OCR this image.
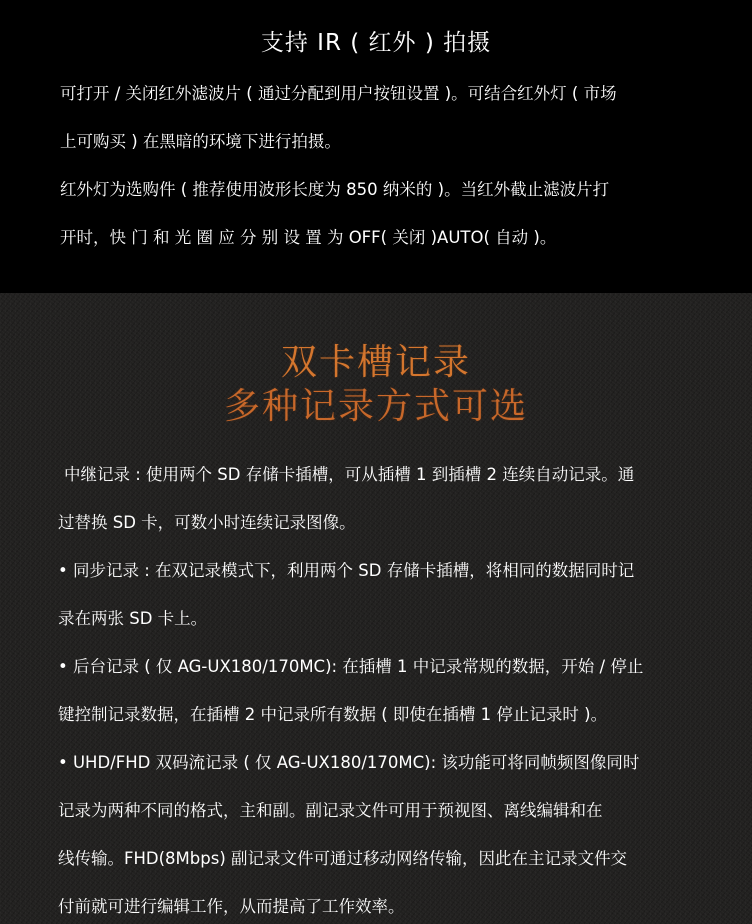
支持 IR ( 红外 ) 拍摄
可打开 / 关闭红外滤波片 ( 通过分配到用户按钮设置 )。可结合红外灯 ( 市场
上可购买 ) 在黑暗的环境下进行拍摄。
红外灯为选购件 ( 推荐使用波形长度为 850 纳米的 )。当红外截止滤波片打
开时，快 门 和 光 圈 应 分 别 设 置 为 OFF( 关闭 )AUTO( 自动 )。
双卡槽记录
多种记录方式可选
中继记录 : 使用两个 SD 存储卡插槽，可从插槽 1 到插槽 2 连续自动记录。通
过替换 SD 卡，可数小时连续记录图像。
• 同步记录 : 在双记录模式下，利用两个 SD 存储卡插槽，将相同的数据同时记
录在两张 SD 卡上。
• 后台记录 ( 仅 AG-UX180/170MC): 在插槽 1 中记录常规的数据，开始 / 停止
键控制记录数据，在插槽 2 中记录所有数据 ( 即使在插槽 1 停止记录时 )。
• UHD/FHD 双码流记录 ( 仅 AG-UX180/170MC): 该功能可将同帧频图像同时
记录为两种不同的格式，主和副。副记录文件可用于预视图、离线编辑和在
线传输。FHD(8Mbps) 副记录文件可通过移动网络传输，因此在主记录文件交
付前就可进行编辑工作，从而提高了工作效率。
